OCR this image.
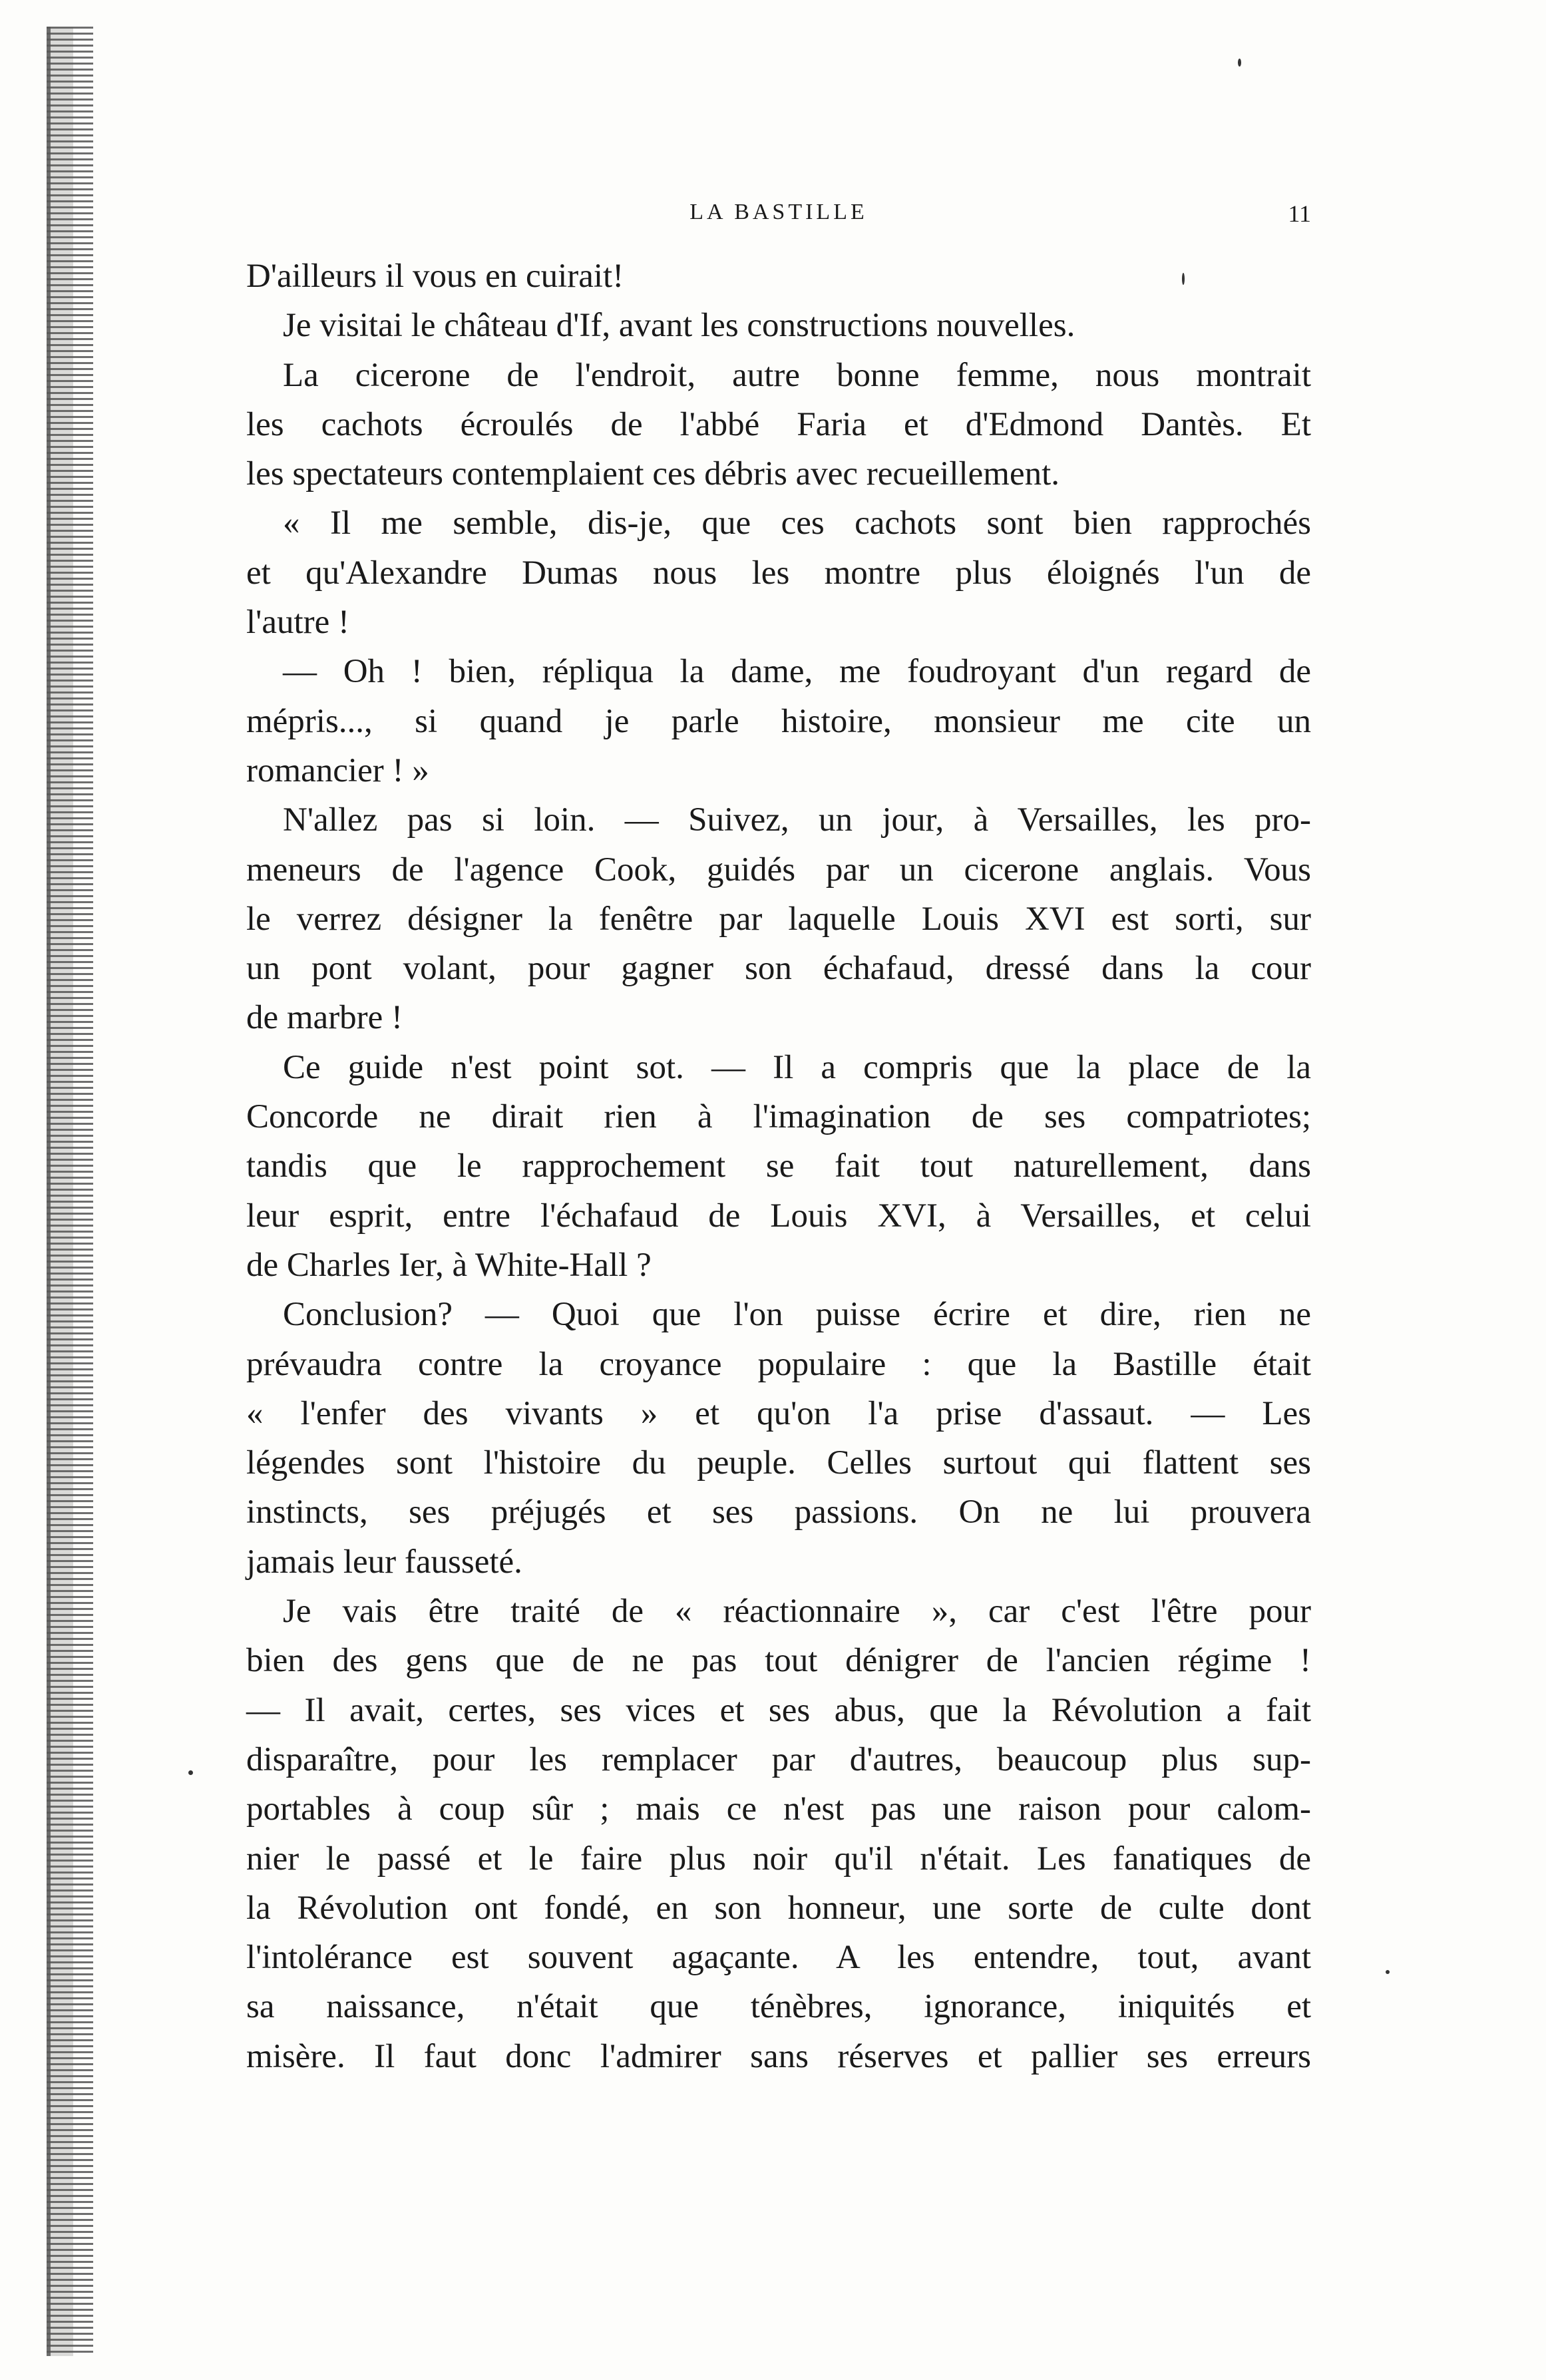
LA BASTILLE	11
D'ailleurs il vous en cuirait!
Je visitai le château d'If, avant les constructions nouvelles.
La cicerone de l'endroit, autre bonne femme, nous montrait
les cachots écroulés de l'abbé Faria et d'Edmond Dantès. Et
les spectateurs contemplaient ces débris avec recueillement.
« Il me semble, dis-je, que ces cachots sont bien rapprochés
et qu'Alexandre Dumas nous les montre plus éloignés l'un de
l'autre !
— Oh ! bien, répliqua la dame, me foudroyant d'un regard de
mépris..., si quand je parle histoire, monsieur me cite un
romancier ! »
N'allez pas si loin. — Suivez, un jour, à Versailles, les pro-
meneurs de l'agence Cook, guidés par un cicerone anglais. Vous
le verrez désigner la fenêtre par laquelle Louis XVI est sorti, sur
un pont volant, pour gagner son échafaud, dressé dans la cour
de marbre !
Ce guide n'est point sot. — Il a compris que la place de la
Concorde ne dirait rien à l'imagination de ses compatriotes;
tandis que le rapprochement se fait tout naturellement, dans
leur esprit, entre l'échafaud de Louis XVI, à Versailles, et celui
de Charles Ier, à White-Hall ?
Conclusion? — Quoi que l'on puisse écrire et dire, rien ne
prévaudra contre la croyance populaire : que la Bastille était
« l'enfer des vivants » et qu'on l'a prise d'assaut. — Les
légendes sont l'histoire du peuple. Celles surtout qui flattent ses
instincts, ses préjugés et ses passions. On ne lui prouvera
jamais leur fausseté.
Je vais être traité de « réactionnaire », car c'est l'être pour
bien des gens que de ne pas tout dénigrer de l'ancien régime !
— Il avait, certes, ses vices et ses abus, que la Révolution a fait
disparaître, pour les remplacer par d'autres, beaucoup plus sup-
portables à coup sûr ; mais ce n'est pas une raison pour calom-
nier le passé et le faire plus noir qu'il n'était. Les fanatiques de
la Révolution ont fondé, en son honneur, une sorte de culte dont
l'intolérance est souvent agaçante. A les entendre, tout, avant
sa naissance, n'était que ténèbres, ignorance, iniquités et
misère. Il faut donc l'admirer sans réserves et pallier ses erreurs
